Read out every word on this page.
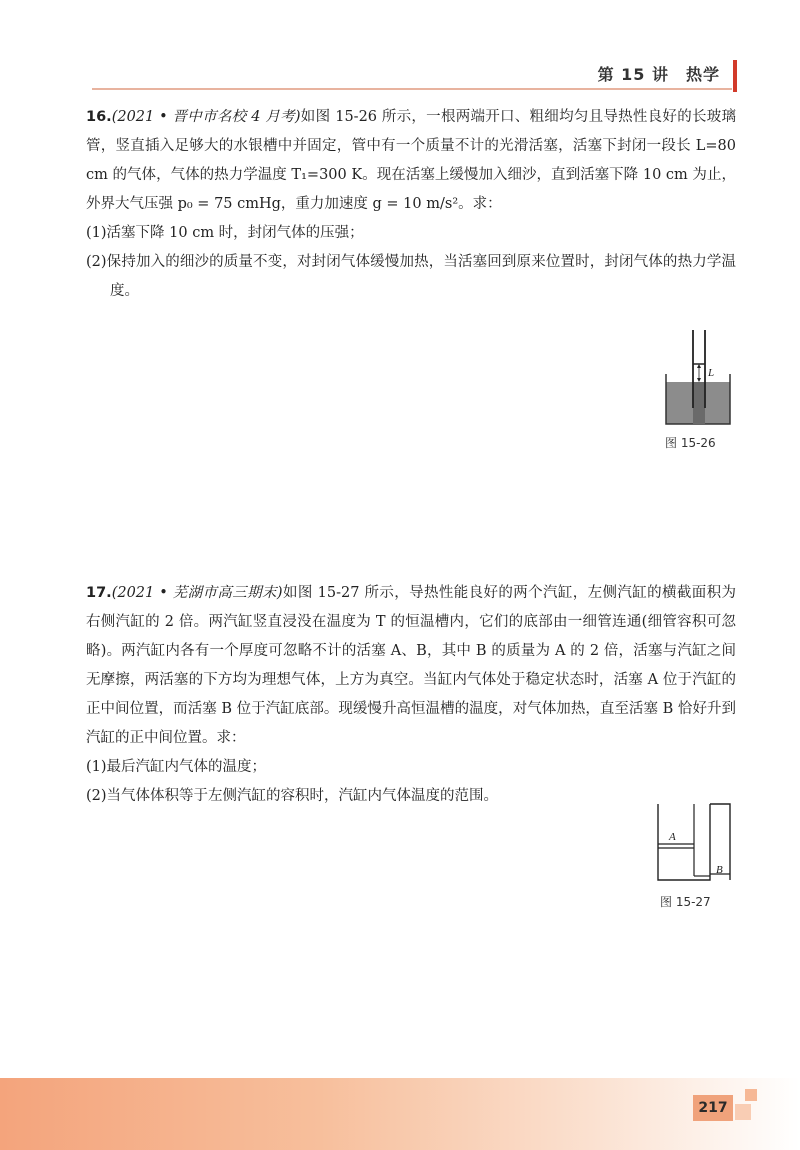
第 15 讲　热学

16.(2021 • 晋中市名校 4 月考)如图 15-26 所示，一根两端开口、粗细均匀且导热性良好的长玻璃管，竖直插入足够大的水银槽中并固定，管中有一个质量不计的光滑活塞，活塞下封闭一段长 L=80 cm 的气体，气体的热力学温度 T₁=300 K。现在活塞上缓慢加入细沙，直到活塞下降 10 cm 为止，外界大气压强 p₀ = 75 cmHg，重力加速度 g = 10 m/s²。求：

(1)活塞下降 10 cm 时，封闭气体的压强；

(2)保持加入的细沙的质量不变，对封闭气体缓慢加热，当活塞回到原来位置时，封闭气体的热力学温度。

L
图 15-26

17.(2021 • 芜湖市高三期末)如图 15-27 所示，导热性能良好的两个汽缸，左侧汽缸的横截面积为右侧汽缸的 2 倍。两汽缸竖直浸没在温度为 T 的恒温槽内，它们的底部由一细管连通(细管容积可忽略)。两汽缸内各有一个厚度可忽略不计的活塞 A、B，其中 B 的质量为 A 的 2 倍，活塞与汽缸之间无摩擦，两活塞的下方均为理想气体，上方为真空。当缸内气体处于稳定状态时，活塞 A 位于汽缸的正中间位置，而活塞 B 位于汽缸底部。现缓慢升高恒温槽的温度，对气体加热，直至活塞 B 恰好升到汽缸的正中间位置。求：

(1)最后汽缸内气体的温度；

(2)当气体体积等于左侧汽缸的容积时，汽缸内气体温度的范围。

A
B
图 15-27
217
